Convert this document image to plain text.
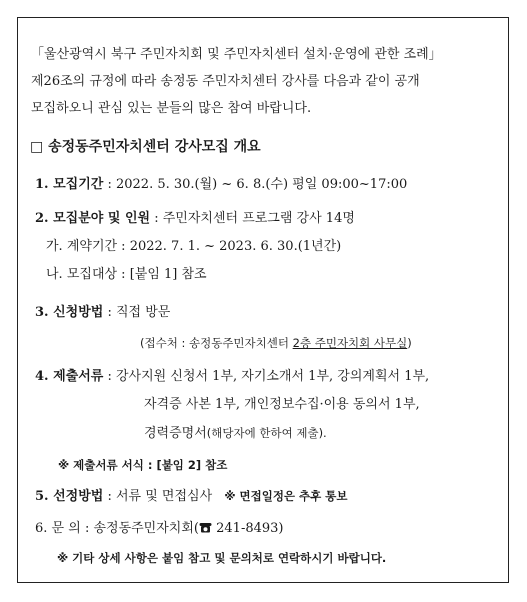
「울산광역시 북구 주민자치회 및 주민자치센터 설치·운영에 관한 조례」
제26조의 규정에 따라 송정동 주민자치센터 강사를 다음과 같이 공개
모집하오니 관심 있는 분들의 많은 참여 바랍니다.
□ 송정동주민자치센터 강사모집 개요
1. 모집기간 : 2022. 5. 30.(월) ~ 6. 8.(수) 평일 09:00~17:00
2. 모집분야 및 인원 : 주민자치센터 프로그램 강사 14명
가. 계약기간 : 2022. 7. 1. ~ 2023. 6. 30.(1년간)
나. 모집대상 : [붙임 1] 참조
3. 신청방법 : 직접 방문
(접수처 : 송정동주민자치센터 2층 주민자치회 사무실)
4. 제출서류 : 강사지원 신청서 1부, 자기소개서 1부, 강의계획서 1부,
자격증 사본 1부, 개인정보수집·이용 동의서 1부,
경력증명서(해당자에 한하여 제출).
※ 제출서류 서식 : [붙임 2] 참조
5. 선정방법 : 서류 및 면접심사 ※ 면접일정은 추후 통보
6. 문 의 : 송정동주민자치회( 241-8493)
※ 기타 상세 사항은 붙임 참고 및 문의처로 연락하시기 바랍니다.
